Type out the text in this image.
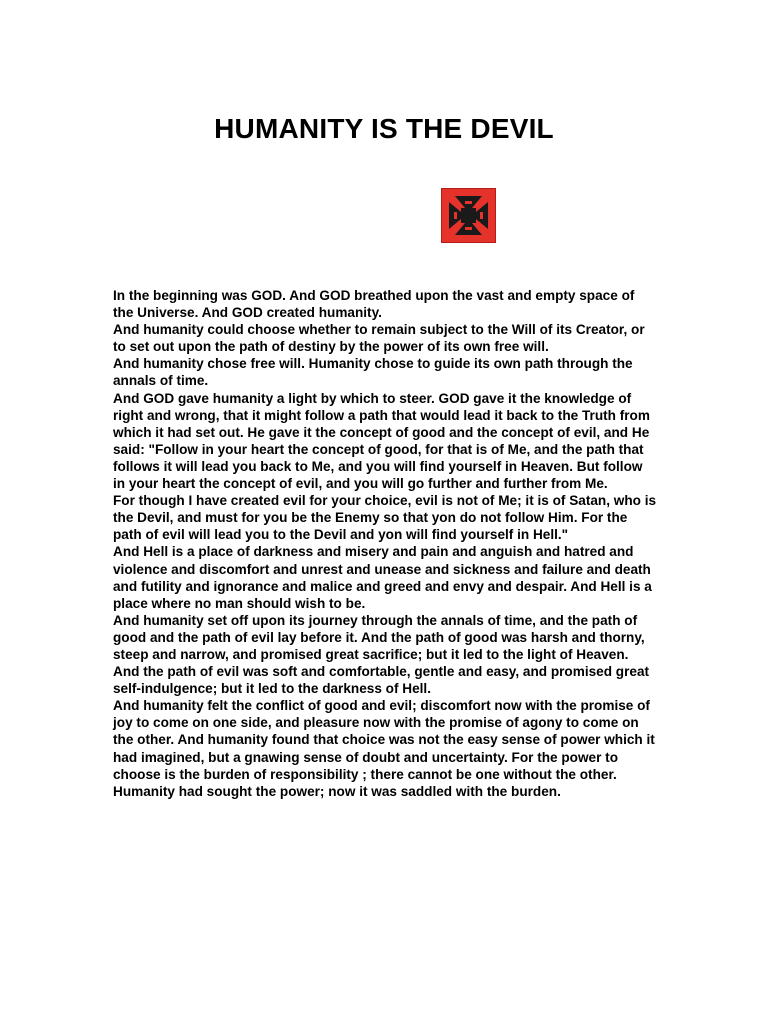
HUMANITY IS THE DEVIL

In the beginning was GOD. And GOD breathed upon the vast and empty space of the Universe. And GOD created humanity.

And humanity could choose whether to remain subject to the Will of its Creator, or to set out upon the path of destiny by the power of its own free will.

And humanity chose free will. Humanity chose to guide its own path through the annals of time.

And GOD gave humanity a light by which to steer. GOD gave it the knowledge of right and wrong, that it might follow a path that would lead it back to the Truth from which it had set out. He gave it the concept of good and the concept of evil, and He said: "Follow in your heart the concept of good, for that is of Me, and the path that follows it will lead you back to Me, and you will find yourself in Heaven. But follow in your heart the concept of evil, and you will go further and further from Me.

For though I have created evil for your choice, evil is not of Me; it is of Satan, who is the Devil, and must for you be the Enemy so that yon do not follow Him. For the path of evil will lead you to the Devil and yon will find yourself in Hell."

And Hell is a place of darkness and misery and pain and anguish and hatred and violence and discomfort and unrest and unease and sickness and failure and death and futility and ignorance and malice and greed and envy and despair. And Hell is a place where no man should wish to be.

And humanity set off upon its journey through the annals of time, and the path of good and the path of evil lay before it. And the path of good was harsh and thorny, steep and narrow, and promised great sacrifice; but it led to the light of Heaven. And the path of evil was soft and comfortable, gentle and easy, and promised great self-indulgence; but it led to the darkness of Hell.

And humanity felt the conflict of good and evil; discomfort now with the promise of joy to come on one side, and pleasure now with the promise of agony to come on the other. And humanity found that choice was not the easy sense of power which it had imagined, but a gnawing sense of doubt and uncertainty. For the power to choose is the burden of responsibility ; there cannot be one without the other. Humanity had sought the power; now it was saddled with the burden.
